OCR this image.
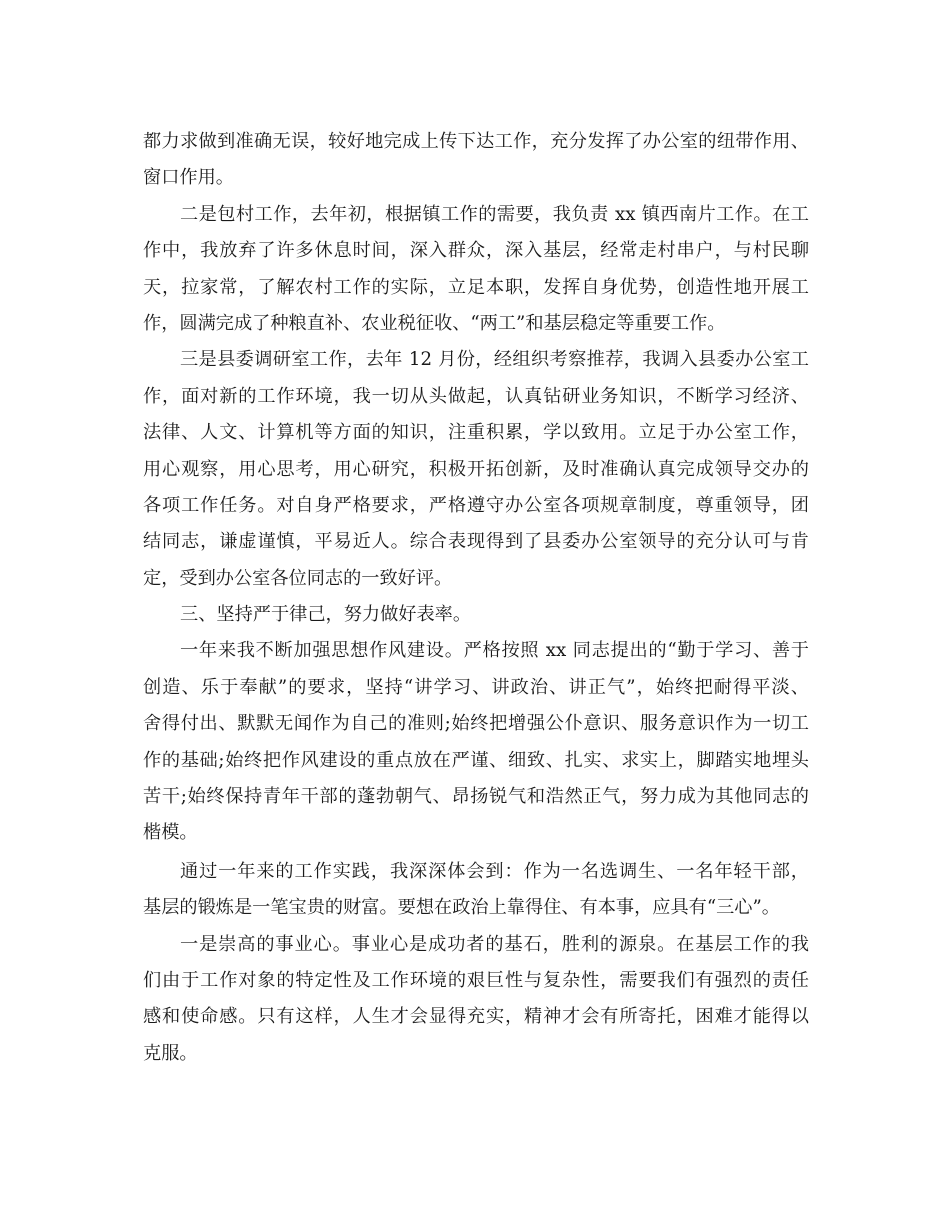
都力求做到准确无误，较好地完成上传下达工作，充分发挥了办公室的纽带作用、
窗口作用。
二是包村工作，去年初，根据镇工作的需要，我负责 xx 镇西南片工作。在工
作中，我放弃了许多休息时间，深入群众，深入基层，经常走村串户，与村民聊
天，拉家常，了解农村工作的实际，立足本职，发挥自身优势，创造性地开展工
作，圆满完成了种粮直补、农业税征收、“两工”和基层稳定等重要工作。
三是县委调研室工作，去年 12 月份，经组织考察推荐，我调入县委办公室工
作，面对新的工作环境，我一切从头做起，认真钻研业务知识，不断学习经济、
法律、人文、计算机等方面的知识，注重积累，学以致用。立足于办公室工作，
用心观察，用心思考，用心研究，积极开拓创新，及时准确认真完成领导交办的
各项工作任务。对自身严格要求，严格遵守办公室各项规章制度，尊重领导，团
结同志，谦虚谨慎，平易近人。综合表现得到了县委办公室领导的充分认可与肯
定，受到办公室各位同志的一致好评。
三、坚持严于律己，努力做好表率。
一年来我不断加强思想作风建设。严格按照 xx 同志提出的“勤于学习、善于
创造、乐于奉献”的要求，坚持“讲学习、讲政治、讲正气”，始终把耐得平淡、
舍得付出、默默无闻作为自己的准则;始终把增强公仆意识、服务意识作为一切工
作的基础;始终把作风建设的重点放在严谨、细致、扎实、求实上，脚踏实地埋头
苦干;始终保持青年干部的蓬勃朝气、昂扬锐气和浩然正气，努力成为其他同志的
楷模。
通过一年来的工作实践，我深深体会到：作为一名选调生、一名年轻干部，
基层的锻炼是一笔宝贵的财富。要想在政治上靠得住、有本事，应具有“三心”。
一是崇高的事业心。事业心是成功者的基石，胜利的源泉。在基层工作的我
们由于工作对象的特定性及工作环境的艰巨性与复杂性，需要我们有强烈的责任
感和使命感。只有这样，人生才会显得充实，精神才会有所寄托，困难才能得以
克服。
